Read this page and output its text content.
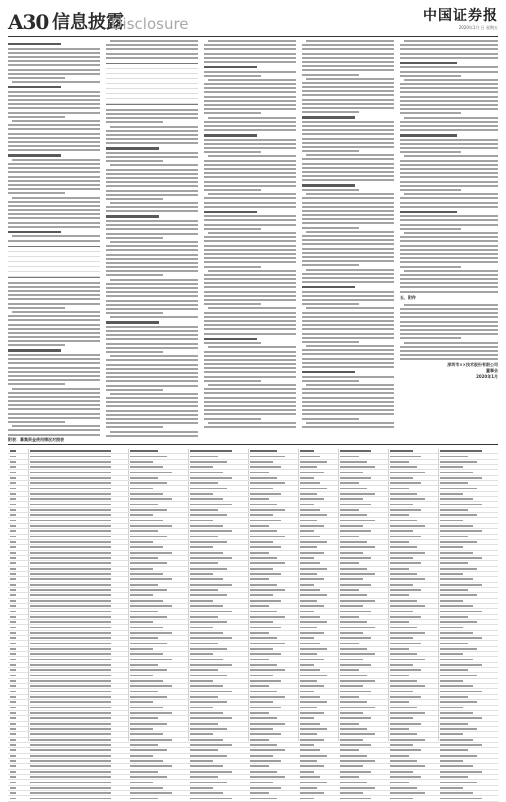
A30 信息披露
Disclosure	中国证券报
2020年1月 日 星期五
五、附件
深圳市××技术股份有限公司
董事会
2020年1月
附表：募集资金使用情况对照表
